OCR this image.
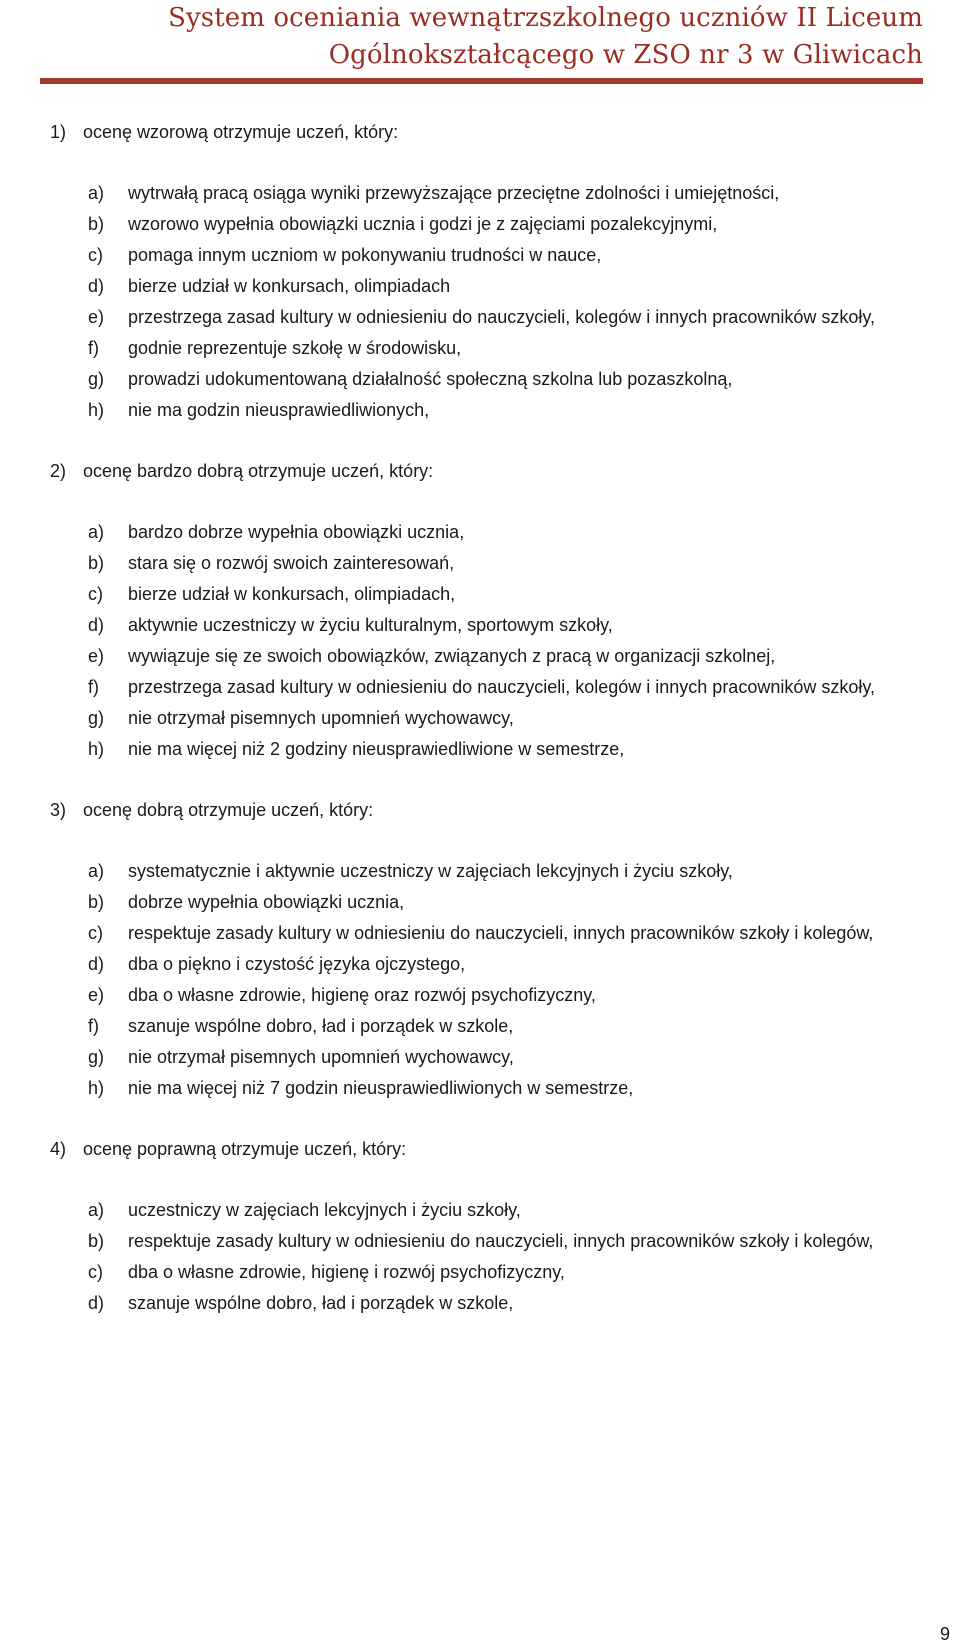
System oceniania wewnątrzszkolnego uczniów II Liceum
Ogólnokształcącego w ZSO nr 3 w Gliwicach
1) ocenę wzorową otrzymuje uczeń, który:
a)	wytrwałą pracą osiąga wyniki przewyższające przeciętne zdolności i umiejętności,
b)	wzorowo wypełnia obowiązki ucznia i godzi je z zajęciami pozalekcyjnymi,
c)	pomaga innym uczniom w pokonywaniu trudności w nauce,
d)	bierze udział w konkursach, olimpiadach
e)	przestrzega zasad kultury w odniesieniu do nauczycieli, kolegów i innych pracowników szkoły,
f)	godnie reprezentuje szkołę w środowisku,
g)	prowadzi udokumentowaną działalność społeczną szkolna lub pozaszkolną,
h)	nie ma godzin nieusprawiedliwionych,
2) ocenę bardzo dobrą otrzymuje uczeń, który:
a)	bardzo dobrze wypełnia obowiązki ucznia,
b)	stara się o rozwój swoich zainteresowań,
c)	bierze udział w konkursach, olimpiadach,
d)	aktywnie uczestniczy w życiu kulturalnym, sportowym szkoły,
e)	wywiązuje się ze swoich obowiązków, związanych z pracą w organizacji szkolnej,
f)	przestrzega zasad kultury w odniesieniu do nauczycieli, kolegów i innych pracowników szkoły,
g)	nie otrzymał pisemnych upomnień wychowawcy,
h)	nie ma więcej niż 2 godziny nieusprawiedliwione w semestrze,
3) ocenę dobrą otrzymuje uczeń, który:
a)	systematycznie i aktywnie uczestniczy w zajęciach lekcyjnych i życiu szkoły,
b)	dobrze wypełnia obowiązki ucznia,
c)	respektuje zasady kultury w odniesieniu do nauczycieli, innych pracowników szkoły i kolegów,
d)	dba o piękno i czystość języka ojczystego,
e)	dba o własne zdrowie, higienę oraz rozwój psychofizyczny,
f)	szanuje wspólne dobro, ład i porządek w szkole,
g)	nie otrzymał pisemnych upomnień wychowawcy,
h)	nie ma więcej niż 7 godzin nieusprawiedliwionych w semestrze,
4) ocenę poprawną otrzymuje uczeń, który:
a)	uczestniczy w zajęciach lekcyjnych i życiu szkoły,
b)	respektuje zasady kultury w odniesieniu do nauczycieli, innych pracowników szkoły i kolegów,
c)	dba o własne zdrowie, higienę i rozwój psychofizyczny,
d)	szanuje wspólne dobro, ład i porządek w szkole,
9
